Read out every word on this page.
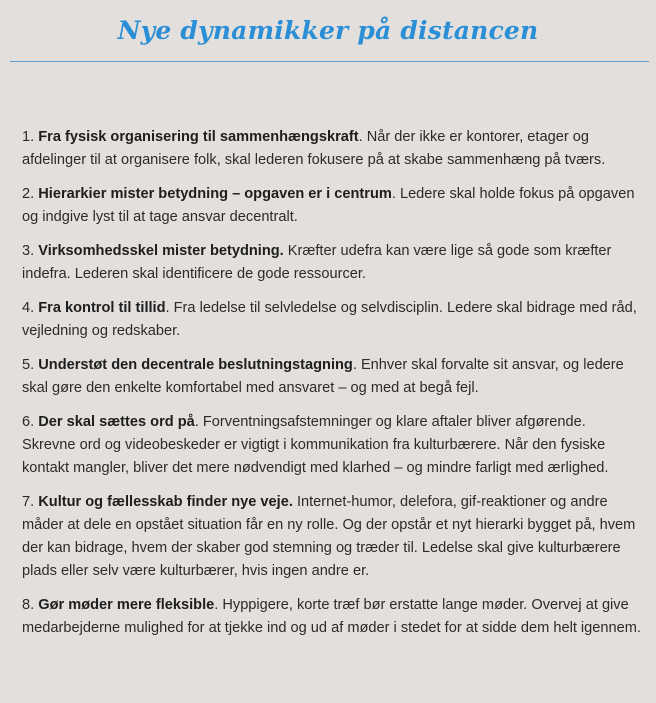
Nye dynamikker på distancen

1. Fra fysisk organisering til sammenhængskraft. Når der ikke er kontorer, etager og afdelinger til at organisere folk, skal lederen fokusere på at skabe sammenhæng på tværs.

2. Hierarkier mister betydning – opgaven er i centrum. Ledere skal holde fokus på opgaven og indgive lyst til at tage ansvar decentralt.

3. Virksomhedsskel mister betydning. Kræfter udefra kan være lige så gode som kræfter indefra. Lederen skal identificere de gode ressourcer.

4. Fra kontrol til tillid. Fra ledelse til selvledelse og selvdisciplin. Ledere skal bidrage med råd, vejledning og redskaber.

5. Understøt den decentrale beslutningstagning. Enhver skal forvalte sit ansvar, og ledere skal gøre den enkelte komfortabel med ansvaret – og med at begå fejl.

6. Der skal sættes ord på. Forventningsafstemninger og klare aftaler bliver afgørende. Skrevne ord og videobeskeder er vigtigt i kommunikation fra kulturbærere. Når den fysiske kontakt mangler, bliver det mere nødvendigt med klarhed – og mindre farligt med ærlighed.

7. Kultur og fællesskab finder nye veje. Internet-humor, delefora, gif-reaktioner og andre måder at dele en opstået situation får en ny rolle. Og der opstår et nyt hierarki bygget på, hvem der kan bidrage, hvem der skaber god stemning og træder til. Ledelse skal give kulturbærere plads eller selv være kulturbærer, hvis ingen andre er.

8. Gør møder mere fleksible. Hyppigere, korte træf bør erstatte lange møder. Overvej at give medarbejderne mulighed for at tjekke ind og ud af møder i stedet for at sidde dem helt igennem.
